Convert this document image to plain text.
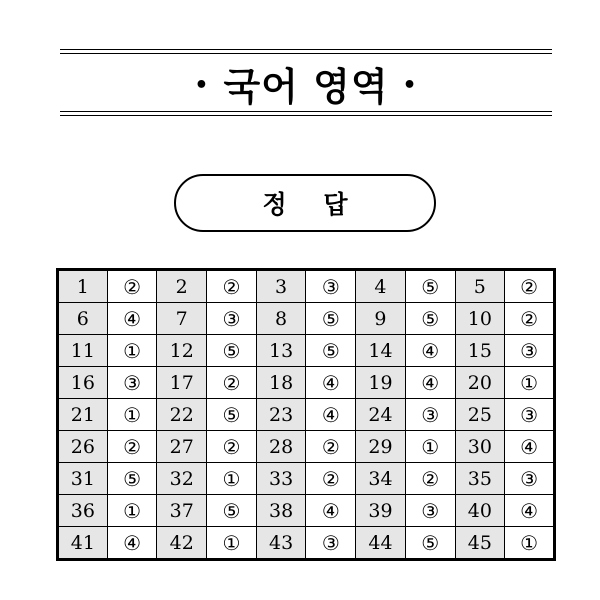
• 국어 영역 •
정 답
1	②	2	②	3	③	4	⑤	5	②
6	④	7	③	8	⑤	9	⑤	10	②
11	①	12	⑤	13	⑤	14	④	15	③
16	③	17	②	18	④	19	④	20	①
21	①	22	⑤	23	④	24	③	25	③
26	②	27	②	28	②	29	①	30	④
31	⑤	32	①	33	②	34	②	35	③
36	①	37	⑤	38	④	39	③	40	④
41	④	42	①	43	③	44	⑤	45	①
